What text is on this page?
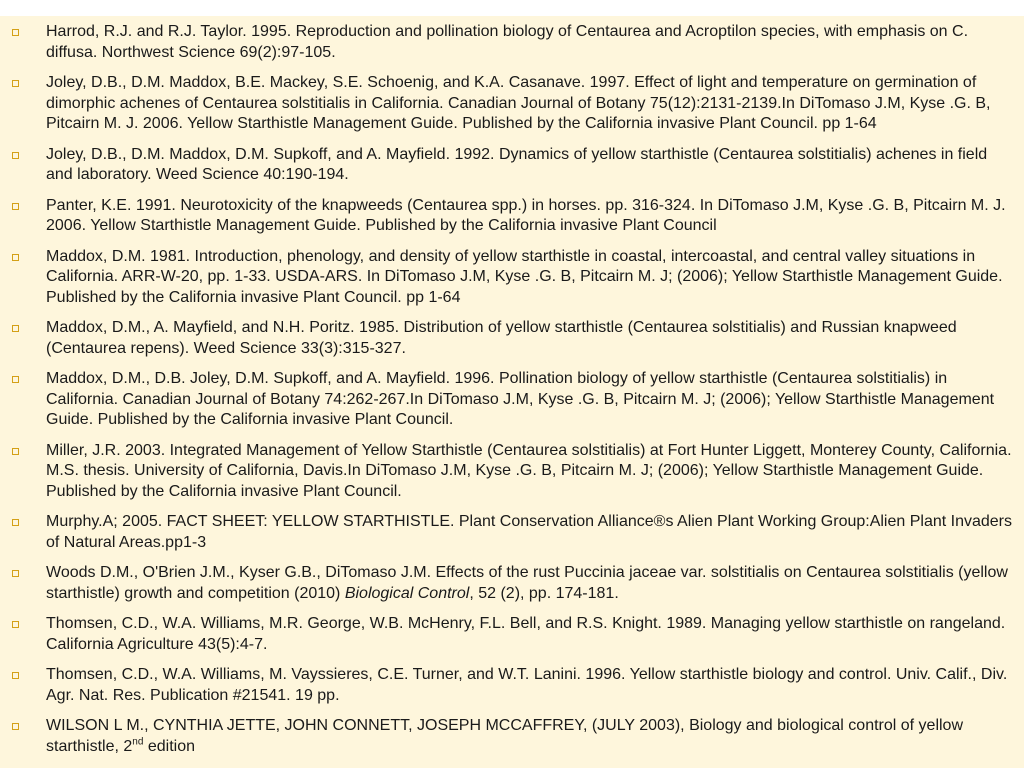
Harrod, R.J. and R.J. Taylor. 1995. Reproduction and pollination biology of Centaurea and Acroptilon species, with emphasis on C. diffusa. Northwest Science 69(2):97-105.
Joley, D.B., D.M. Maddox, B.E. Mackey, S.E. Schoenig, and K.A. Casanave. 1997. Effect of light and temperature on germination of dimorphic achenes of Centaurea solstitialis in California. Canadian Journal of Botany 75(12):2131-2139.In DiTomaso J.M, Kyse .G. B, Pitcairn M. J. 2006. Yellow Starthistle Management Guide. Published by the California invasive Plant Council. pp 1-64
Joley, D.B., D.M. Maddox, D.M. Supkoff, and A. Mayfield. 1992. Dynamics of yellow starthistle (Centaurea solstitialis) achenes in field and laboratory. Weed Science 40:190-194.
Panter, K.E. 1991. Neurotoxicity of the knapweeds (Centaurea spp.) in horses. pp. 316-324. In DiTomaso J.M, Kyse .G. B, Pitcairn M. J. 2006. Yellow Starthistle Management Guide. Published by the California invasive Plant Council
Maddox, D.M. 1981. Introduction, phenology, and density of yellow starthistle in coastal, intercoastal, and central valley situations in California. ARR-W-20, pp. 1-33. USDA-ARS. In DiTomaso J.M, Kyse .G. B, Pitcairn M. J; (2006); Yellow Starthistle Management Guide. Published by the California invasive Plant Council. pp 1-64
Maddox, D.M., A. Mayfield, and N.H. Poritz. 1985. Distribution of yellow starthistle (Centaurea solstitialis) and Russian knapweed (Centaurea repens). Weed Science 33(3):315-327.
Maddox, D.M., D.B. Joley, D.M. Supkoff, and A. Mayfield. 1996. Pollination biology of yellow starthistle (Centaurea solstitialis) in California. Canadian Journal of Botany 74:262-267.In DiTomaso J.M, Kyse .G. B, Pitcairn M. J; (2006); Yellow Starthistle Management Guide. Published by the California invasive Plant Council.
Miller, J.R. 2003. Integrated Management of Yellow Starthistle (Centaurea solstitialis) at Fort Hunter Liggett, Monterey County, California. M.S. thesis. University of California, Davis.In DiTomaso J.M, Kyse .G. B, Pitcairn M. J; (2006); Yellow Starthistle Management Guide. Published by the California invasive Plant Council.
Murphy.A; 2005. FACT SHEET: YELLOW STARTHISTLE. Plant Conservation Alliance®s Alien Plant Working Group:Alien Plant Invaders of Natural Areas.pp1-3
Woods D.M., O'Brien J.M., Kyser G.B., DiTomaso J.M. Effects of the rust Puccinia jaceae var. solstitialis on Centaurea solstitialis (yellow starthistle) growth and competition (2010) Biological Control, 52 (2), pp. 174-181.
Thomsen, C.D., W.A. Williams, M.R. George, W.B. McHenry, F.L. Bell, and R.S. Knight. 1989. Managing yellow starthistle on rangeland. California Agriculture 43(5):4-7.
Thomsen, C.D., W.A. Williams, M. Vayssieres, C.E. Turner, and W.T. Lanini. 1996. Yellow starthistle biology and control. Univ. Calif., Div. Agr. Nat. Res. Publication #21541. 19 pp.
WILSON L M., CYNTHIA JETTE, JOHN CONNETT, JOSEPH MCCAFFREY, (JULY 2003), Biology and biological control of yellow starthistle, 2nd edition
